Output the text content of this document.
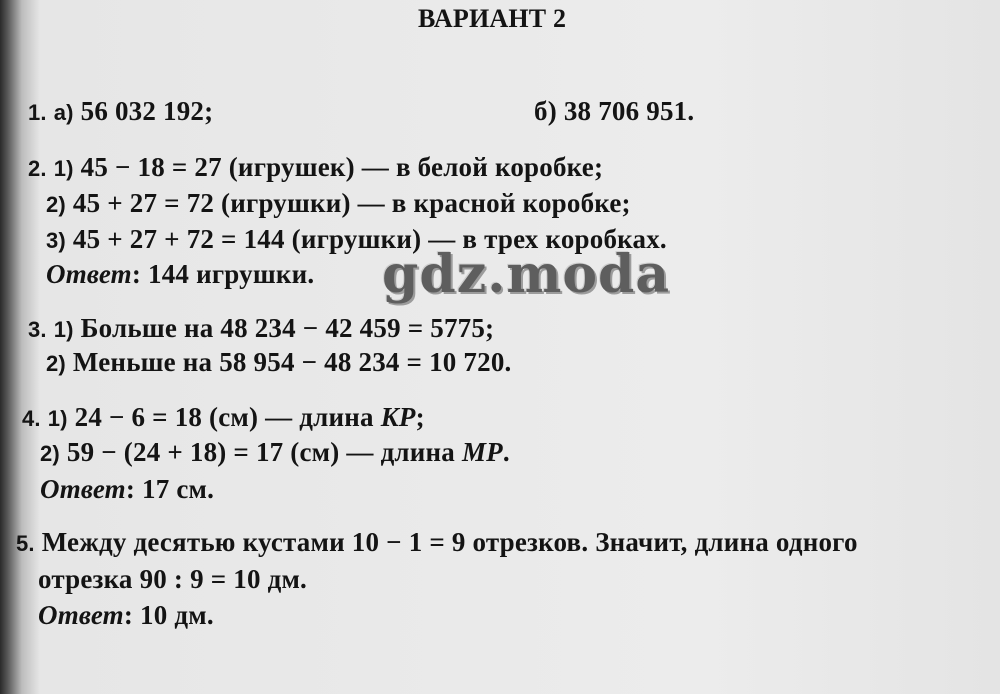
ВАРИАНТ 2
1. а) 56 032 192;	б) 38 706 951.
2. 1) 45 − 18 = 27 (игрушек) — в белой коробке;
2) 45 + 27 = 72 (игрушки) — в красной коробке;
3) 45 + 27 + 72 = 144 (игрушки) — в трех коробках.
Ответ: 144 игрушки. gdz.moda
3. 1) Больше на 48 234 − 42 459 = 5775;
2) Меньше на 58 954 − 48 234 = 10 720.
4. 1) 24 − 6 = 18 (см) — длина KP;
2) 59 − (24 + 18) = 17 (см) — длина MP.
Ответ: 17 см.
5. Между десятью кустами 10 − 1 = 9 отрезков. Значит, длина одного
отрезка 90 : 9 = 10 дм.
Ответ: 10 дм.
